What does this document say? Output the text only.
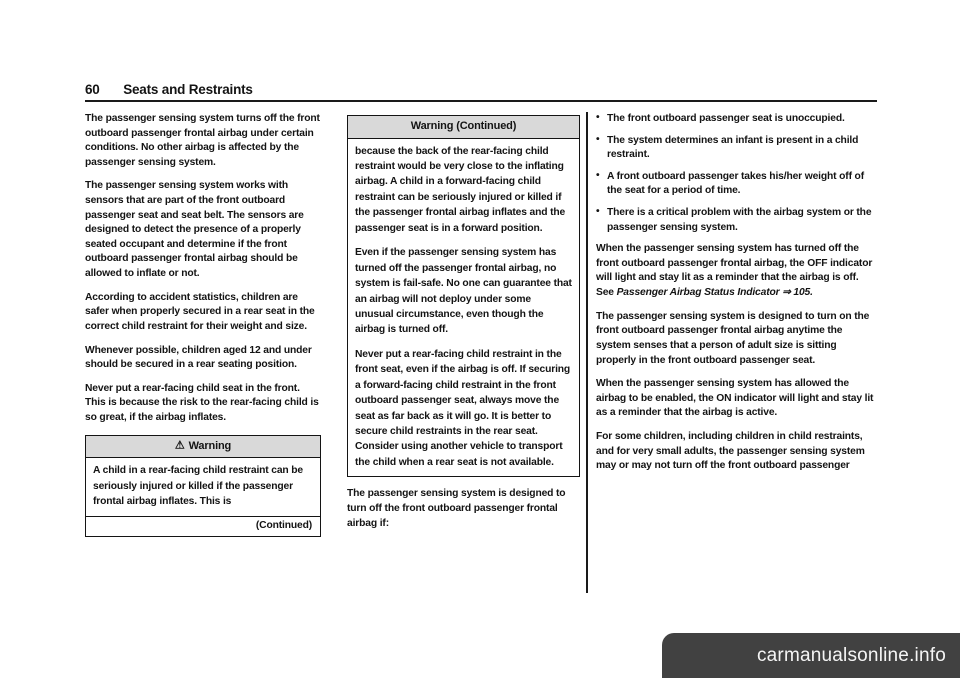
60 Seats and Restraints

The passenger sensing system turns off the front outboard passenger frontal airbag under certain conditions. No other airbag is affected by the passenger sensing system.

The passenger sensing system works with sensors that are part of the front outboard passenger seat and seat belt. The sensors are designed to detect the presence of a properly seated occupant and determine if the front outboard passenger frontal airbag should be allowed to inflate or not.

According to accident statistics, children are safer when properly secured in a rear seat in the correct child restraint for their weight and size.

Whenever possible, children aged 12 and under should be secured in a rear seating position.

Never put a rear-facing child seat in the front. This is because the risk to the rear-facing child is so great, if the airbag inflates.

⚠ Warning

A child in a rear-facing child restraint can be seriously injured or killed if the passenger frontal airbag inflates. This is

(Continued)
Warning (Continued)

because the back of the rear-facing child restraint would be very close to the inflating airbag. A child in a forward-facing child restraint can be seriously injured or killed if the passenger frontal airbag inflates and the passenger seat is in a forward position.

Even if the passenger sensing system has turned off the passenger frontal airbag, no system is fail-safe. No one can guarantee that an airbag will not deploy under some unusual circumstance, even though the airbag is turned off.

Never put a rear-facing child restraint in the front seat, even if the airbag is off. If securing a forward-facing child restraint in the front outboard passenger seat, always move the seat as far back as it will go. It is better to secure child restraints in the rear seat. Consider using another vehicle to transport the child when a rear seat is not available.

The passenger sensing system is designed to turn off the front outboard passenger frontal airbag if:

• The front outboard passenger seat is unoccupied.
• The system determines an infant is present in a child restraint.
• A front outboard passenger takes his/her weight off of the seat for a period of time.
• There is a critical problem with the airbag system or the passenger sensing system.

When the passenger sensing system has turned off the front outboard passenger frontal airbag, the OFF indicator will light and stay lit as a reminder that the airbag is off. See Passenger Airbag Status Indicator ⇒ 105.

The passenger sensing system is designed to turn on the front outboard passenger frontal airbag anytime the system senses that a person of adult size is sitting properly in the front outboard passenger seat.

When the passenger sensing system has allowed the airbag to be enabled, the ON indicator will light and stay lit as a reminder that the airbag is active.

For some children, including children in child restraints, and for very small adults, the passenger sensing system may or may not turn off the front outboard passenger

carmanualsonline.info
